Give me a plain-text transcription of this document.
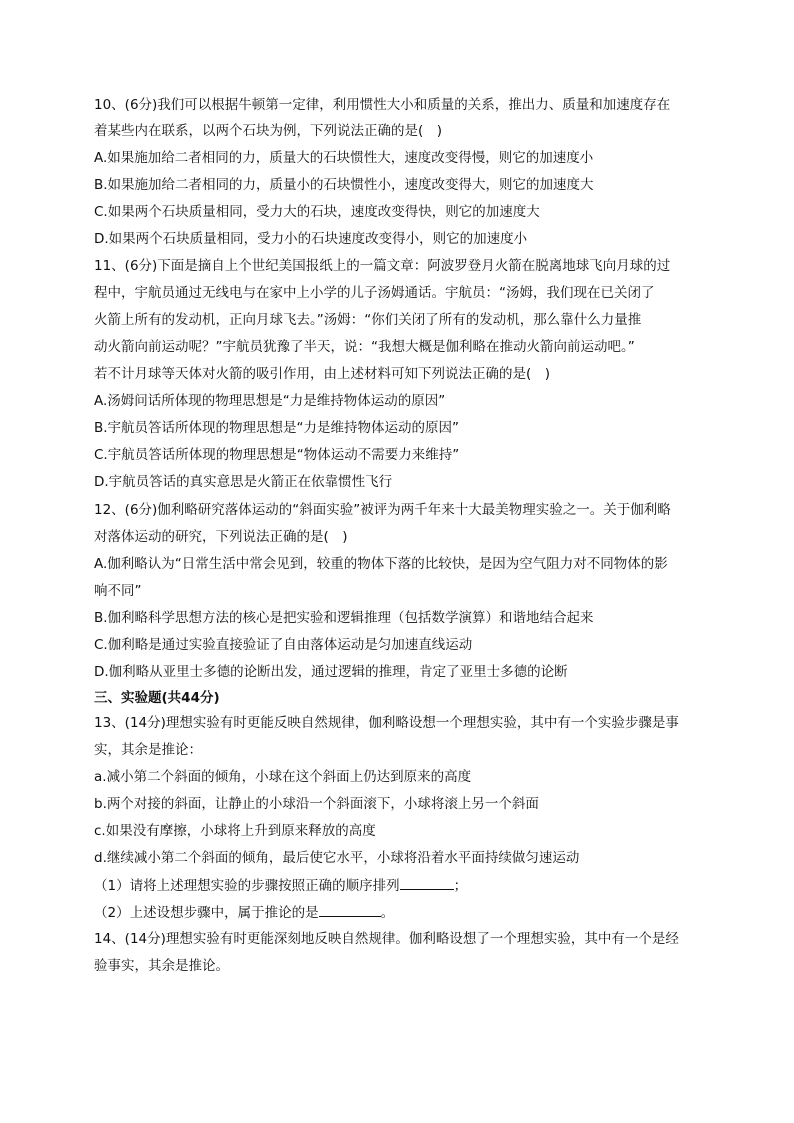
10、(6分)我们可以根据牛顿第一定律，利用惯性大小和质量的关系，推出力、质量和加速度存在
着某些内在联系，以两个石块为例，下列说法正确的是(　)
A.如果施加给二者相同的力，质量大的石块惯性大，速度改变得慢，则它的加速度小
B.如果施加给二者相同的力，质量小的石块惯性小，速度改变得大，则它的加速度大
C.如果两个石块质量相同，受力大的石块，速度改变得快，则它的加速度大
D.如果两个石块质量相同，受力小的石块速度改变得小，则它的加速度小
11、(6分)下面是摘自上个世纪美国报纸上的一篇文章：阿波罗登月火箭在脱离地球飞向月球的过
程中，宇航员通过无线电与在家中上小学的儿子汤姆通话。宇航员：“汤姆，我们现在已关闭了
火箭上所有的发动机，正向月球飞去。”汤姆：“你们关闭了所有的发动机，那么靠什么力量推
动火箭向前运动呢？”宇航员犹豫了半天，说：“我想大概是伽利略在推动火箭向前运动吧。”
若不计月球等天体对火箭的吸引作用，由上述材料可知下列说法正确的是(　)
A.汤姆问话所体现的物理思想是“力是维持物体运动的原因”
B.宇航员答话所体现的物理思想是“力是维持物体运动的原因”
C.宇航员答话所体现的物理思想是“物体运动不需要力来维持”
D.宇航员答话的真实意思是火箭正在依靠惯性飞行
12、(6分)伽利略研究落体运动的“斜面实验”被评为两千年来十大最美物理实验之一。关于伽利略
对落体运动的研究，下列说法正确的是(　)
A.伽利略认为“日常生活中常会见到，较重的物体下落的比较快，是因为空气阻力对不同物体的影
响不同”
B.伽利略科学思想方法的核心是把实验和逻辑推理（包括数学演算）和谐地结合起来
C.伽利略是通过实验直接验证了自由落体运动是匀加速直线运动
D.伽利略从亚里士多德的论断出发，通过逻辑的推理，肯定了亚里士多德的论断
三、实验题(共44分)
13、(14分)理想实验有时更能反映自然规律，伽利略设想一个理想实验，其中有一个实验步骤是事
实，其余是推论：
a.减小第二个斜面的倾角，小球在这个斜面上仍达到原来的高度
b.两个对接的斜面，让静止的小球沿一个斜面滚下，小球将滚上另一个斜面
c.如果没有摩擦，小球将上升到原来释放的高度
d.继续减小第二个斜面的倾角，最后使它水平，小球将沿着水平面持续做匀速运动
（1）请将上述理想实验的步骤按照正确的顺序排列	；
（2）上述设想步骤中，属于推论的是	。
14、(14分)理想实验有时更能深刻地反映自然规律。伽利略设想了一个理想实验，其中有一个是经
验事实，其余是推论。
